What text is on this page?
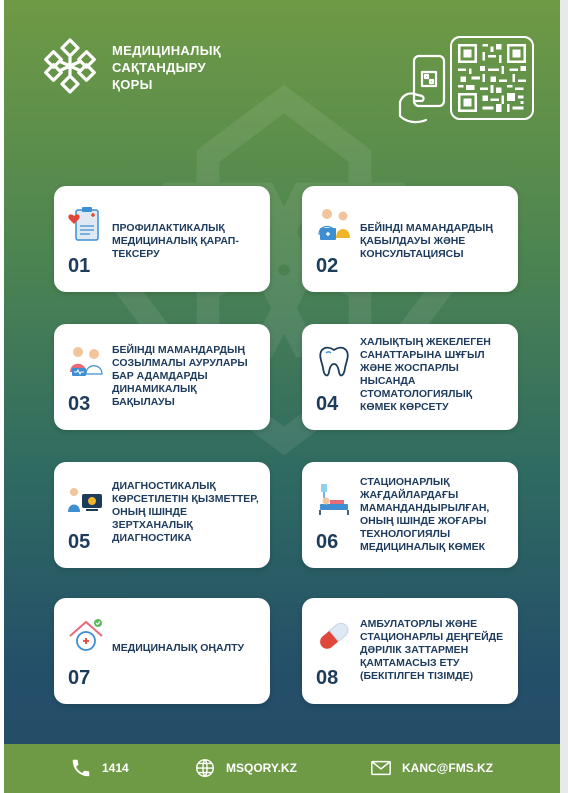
МЕДИЦИНАЛЫҚ
САҚТАНДЫРУ
ҚОРЫ
ПРОФИЛАКТИКАЛЫҚ МЕДИЦИНАЛЫҚ ҚАРАП-ТЕКСЕРУ
01
БЕЙІНДІ МАМАНДАРДЫҢ ҚАБЫЛДАУЫ ЖӘНЕ КОНСУЛЬТАЦИЯСЫ
02
БЕЙІНДІ МАМАНДАРДЫҢ СОЗЫЛМАЛЫ АУРУЛАРЫ БАР АДАМДАРДЫ ДИНАМИКАЛЫҚ БАҚЫЛАУЫ
03
ХАЛЫҚТЫҢ ЖЕКЕЛЕГЕН САНАТТАРЫНА ШҰҒЫЛ ЖӘНЕ ЖОСПАРЛЫ НЫСАНДА СТОМАТОЛОГИЯЛЫҚ КӨМЕК КӨРСЕТУ
04
ДИАГНОСТИКАЛЫҚ КӨРСЕТІЛЕТІН ҚЫЗМЕТТЕР, ОНЫҢ ІШІНДЕ ЗЕРТХАНАЛЫҚ ДИАГНОСТИКА
05
СТАЦИОНАРЛЫҚ ЖАҒДАЙЛАРДАҒЫ МАМАНДАНДЫРЫЛҒАН, ОНЫҢ ІШІНДЕ ЖОҒАРЫ ТЕХНОЛОГИЯЛЫ МЕДИЦИНАЛЫҚ КӨМЕК
06
МЕДИЦИНАЛЫҚ ОҢАЛТУ
07
АМБУЛАТОРЛЫ ЖӘНЕ СТАЦИОНАРЛЫ ДЕҢГЕЙДЕ ДӘРІЛІК ЗАТТАРМЕН ҚАМТАМАСЫЗ ЕТУ (БЕКІТІЛГЕН ТІЗІМДЕ)
08
1414	MSQORY.KZ	KANC@FMS.KZ
